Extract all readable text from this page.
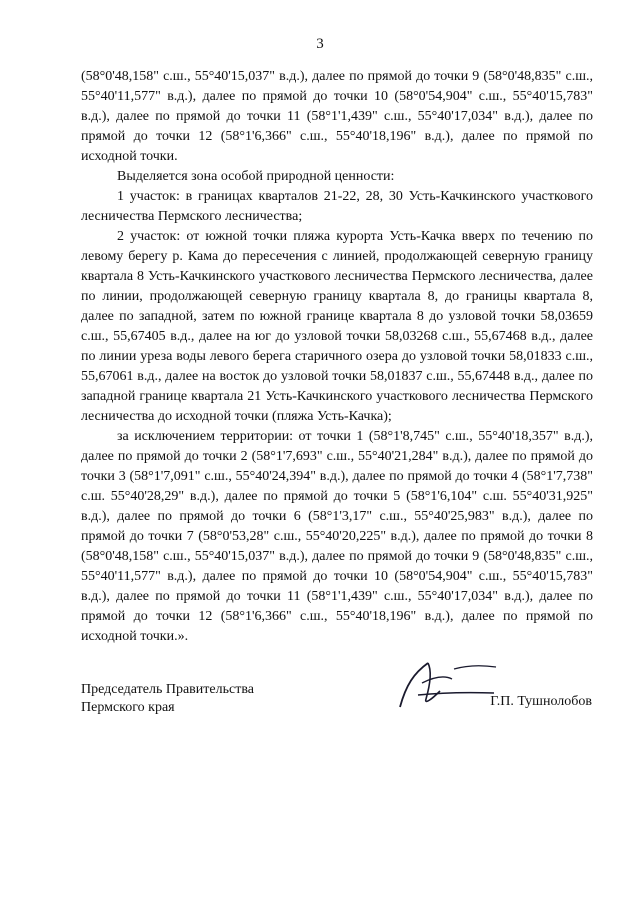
3

(58°0'48,158" с.ш., 55°40'15,037" в.д.), далее по прямой до точки 9 (58°0'48,835" с.ш., 55°40'11,577" в.д.), далее по прямой до точки 10 (58°0'54,904" с.ш., 55°40'15,783" в.д.), далее по прямой до точки 11 (58°1'1,439" с.ш., 55°40'17,034" в.д.), далее по прямой до точки 12 (58°1'6,366" с.ш., 55°40'18,196" в.д.), далее по прямой по исходной точки.

Выделяется зона особой природной ценности:

1 участок: в границах кварталов 21-22, 28, 30 Усть-Качкинского участкового лесничества Пермского лесничества;

2 участок: от южной точки пляжа курорта Усть-Качка вверх по течению по левому берегу р. Кама до пересечения с линией, продолжающей северную границу квартала 8 Усть-Качкинского участкового лесничества Пермского лесничества, далее по линии, продолжающей северную границу квартала 8, до границы квартала 8, далее по западной, затем по южной границе квартала 8 до узловой точки 58,03659 с.ш., 55,67405 в.д., далее на юг до узловой точки 58,03268 с.ш., 55,67468 в.д., далее по линии уреза воды левого берега старичного озера до узловой точки 58,01833 с.ш., 55,67061 в.д., далее на восток до узловой точки 58,01837 с.ш., 55,67448 в.д., далее по западной границе квартала 21 Усть-Качкинского участкового лесничества Пермского лесничества до исходной точки (пляжа Усть-Качка);

за исключением территории: от точки 1 (58°1'8,745" с.ш., 55°40'18,357" в.д.), далее по прямой до точки 2 (58°1'7,693" с.ш., 55°40'21,284" в.д.), далее по прямой до точки 3 (58°1'7,091" с.ш., 55°40'24,394" в.д.), далее по прямой до точки 4 (58°1'7,738" с.ш. 55°40'28,29" в.д.), далее по прямой до точки 5 (58°1'6,104" с.ш. 55°40'31,925" в.д.), далее по прямой до точки 6 (58°1'3,17" с.ш., 55°40'25,983" в.д.), далее по прямой до точки 7 (58°0'53,28" с.ш., 55°40'20,225" в.д.), далее по прямой до точки 8 (58°0'48,158" с.ш., 55°40'15,037" в.д.), далее по прямой до точки 9 (58°0'48,835" с.ш., 55°40'11,577" в.д.), далее по прямой до точки 10 (58°0'54,904" с.ш., 55°40'15,783" в.д.), далее по прямой до точки 11 (58°1'1,439" с.ш., 55°40'17,034" в.д.), далее по прямой до точки 12 (58°1'6,366" с.ш., 55°40'18,196" в.д.), далее по прямой по исходной точки.».

Председатель Правительства
Пермского края	Г.П. Тушнолобов
